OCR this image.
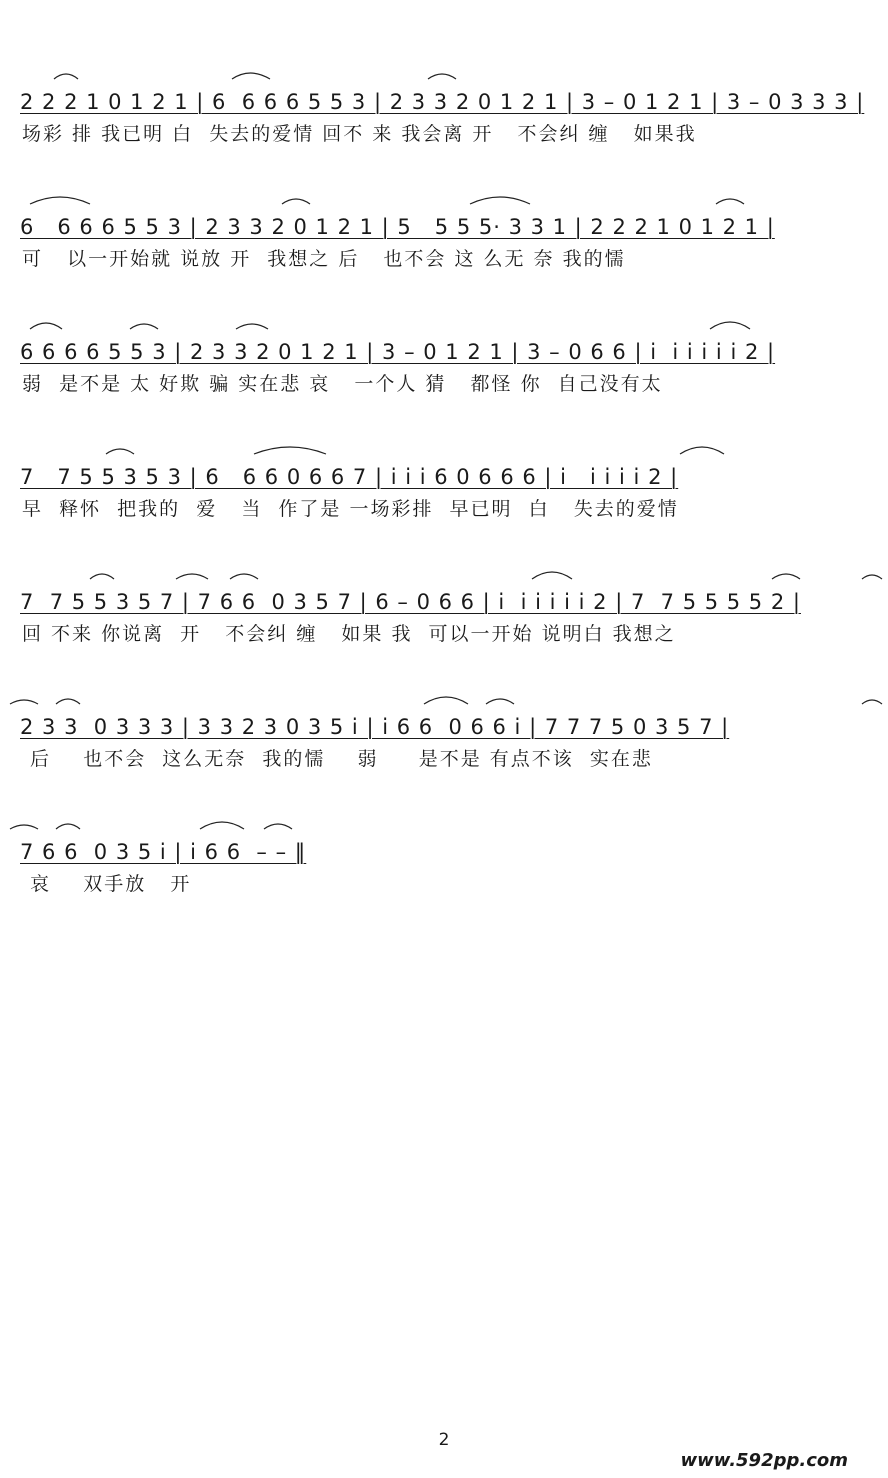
2 2 2 1 0 1 2 1 | 6  6 6 6 5 5 3 | 2 3 3 2 0 1 2 1 | 3 – 0 1 2 1 | 3 – 0 3 3 3 |
场彩 排 我已明 白  失去的爱情 回不 来 我会离 开   不会纠 缠   如果我
6   6 6 6 5 5 3 | 2 3 3 2 0 1 2 1 | 5   5 5 5· 3 3 1 | 2 2 2 1 0 1 2 1 |
可   以一开始就 说放 开  我想之 后   也不会 这 么无 奈 我的懦
6 6 6 6 5 5 3 | 2 3 3 2 0 1 2 1 | 3 – 0 1 2 1 | 3 – 0 6 6 | i  i i i i i 2 |
弱  是不是 太 好欺 骗 实在悲 哀   一个人 猜   都怪 你  自己没有太
7   7 5 5 3 5 3 | 6   6 6 0 6 6 7 | i i i 6 0 6 6 6 | i   i i i i 2 |
早  释怀  把我的  爱   当  作了是 一场彩排  早已明  白   失去的爱情
7  7 5 5 3 5 7 | 7 6 6  0 3 5 7 | 6 – 0 6 6 | i  i i i i i 2 | 7  7 5 5 5 5 2 |
回 不来 你说离  开   不会纠 缠   如果 我  可以一开始 说明白 我想之
2 3 3  0 3 3 3 | 3 3 2 3 0 3 5 i | i 6 6  0 6 6 i | 7 7 7 5 0 3 5 7 |
后    也不会  这么无奈  我的懦    弱     是不是 有点不该  实在悲
7 6 6  0 3 5 i | i 6 6  – – ‖
哀    双手放   开
2
www.592pp.com
